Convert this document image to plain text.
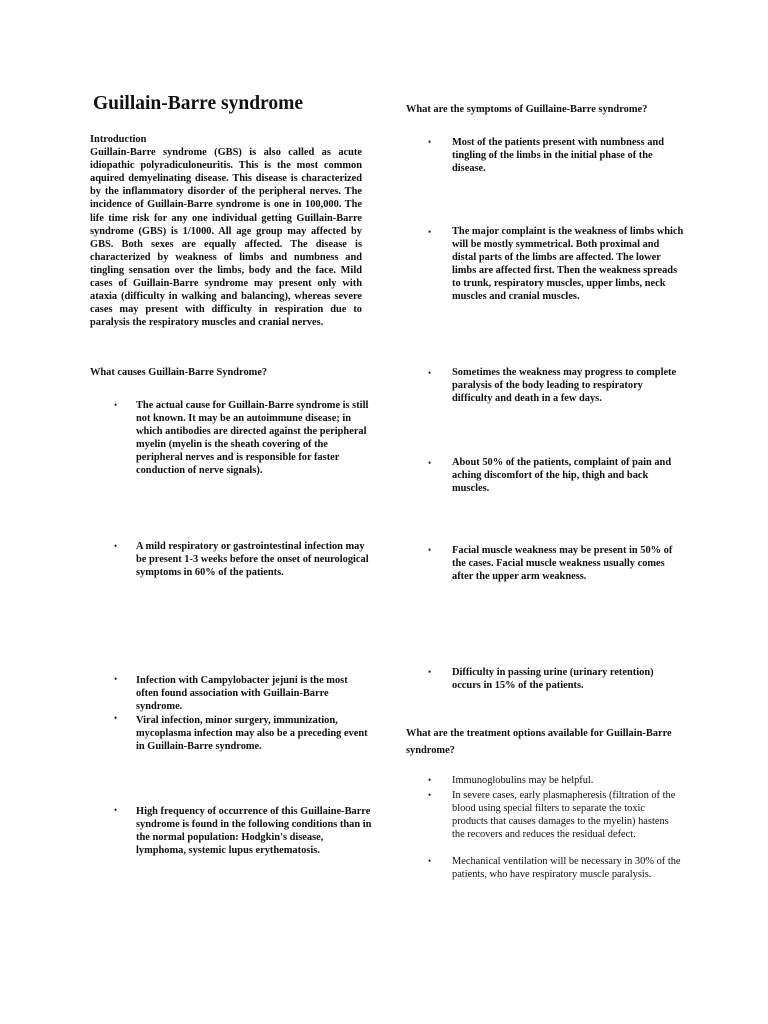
Guillain-Barre syndrome

Introduction
Guillain-Barre syndrome (GBS) is also called as acute idiopathic polyradiculoneuritis. This is the most common aquired demyelinating disease. This disease is characterized by the inflammatory disorder of the peripheral nerves. The incidence of Guillain-Barre syndrome is one in 100,000. The life time risk for any one individual getting Guillain-Barre syndrome (GBS) is 1/1000. All age group may affected by GBS. Both sexes are equally affected. The disease is characterized by weakness of limbs and numbness and tingling sensation over the limbs, body and the face. Mild cases of Guillain-Barre syndrome may present only with ataxia (difficulty in walking and balancing), whereas severe cases may present with difficulty in respiration due to paralysis the respiratory muscles and cranial nerves.

What causes Guillain-Barre Syndrome?

• The actual cause for Guillain-Barre syndrome is still not known. It may be an autoimmune disease; in which antibodies are directed against the peripheral myelin (myelin is the sheath covering of the peripheral nerves and is responsible for faster conduction of nerve signals).

• A mild respiratory or gastrointestinal infection may be present 1-3 weeks before the onset of neurological symptoms in 60% of the patients.

• Infection with Campylobacter jejuni is the most often found association with Guillain-Barre syndrome.

• Viral infection, minor surgery, immunization, mycoplasma infection may also be a preceding event in Guillain-Barre syndrome.

• High frequency of occurrence of this Guillaine-Barre syndrome is found in the following conditions than in the normal population: Hodgkin's disease, lymphoma, systemic lupus erythematosis.

What are the symptoms of Guillaine-Barre syndrome?

• Most of the patients present with numbness and tingling of the limbs in the initial phase of the disease.

• The major complaint is the weakness of limbs which will be mostly symmetrical. Both proximal and distal parts of the limbs are affected. The lower limbs are affected first. Then the weakness spreads to trunk, respiratory muscles, upper limbs, neck muscles and cranial muscles.

• Sometimes the weakness may progress to complete paralysis of the body leading to respiratory difficulty and death in a few days.

• About 50% of the patients, complaint of pain and aching discomfort of the hip, thigh and back muscles.

• Facial muscle weakness may be present in 50% of the cases. Facial muscle weakness usually comes after the upper arm weakness.

• Difficulty in passing urine (urinary retention) occurs in 15% of the patients.

What are the treatment options available for Guillain-Barre syndrome?

• Immunoglobulins may be helpful.

• In severe cases, early plasmapheresis (filtration of the blood using special filters to separate the toxic products that causes damages to the myelin) hastens the recovers and reduces the residual defect.

• Mechanical ventilation will be necessary in 30% of the patients, who have respiratory muscle paralysis.
